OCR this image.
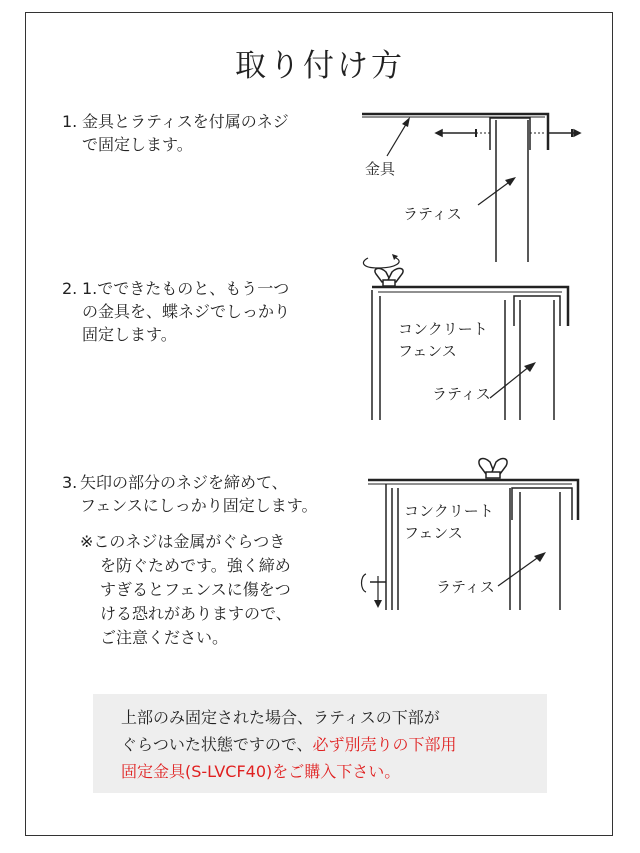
取り付け方
1. 金具とラティスを付属のネジ
で固定します。
2. 1.でできたものと、もう一つ
の金具を、蝶ネジでしっかり
固定します。
3. 矢印の部分のネジを締めて、
フェンスにしっかり固定します。
※このネジは金属がぐらつき
を防ぐためです。強く締め
すぎるとフェンスに傷をつ
ける恐れがありますので、
ご注意ください。
金具
ラティス
コンクリート
フェンス
ラティス
コンクリート
フェンス
ラティス
上部のみ固定された場合、ラティスの下部が
ぐらついた状態ですので、必ず別売りの下部用
固定金具(S-LVCF40)をご購入下さい。
